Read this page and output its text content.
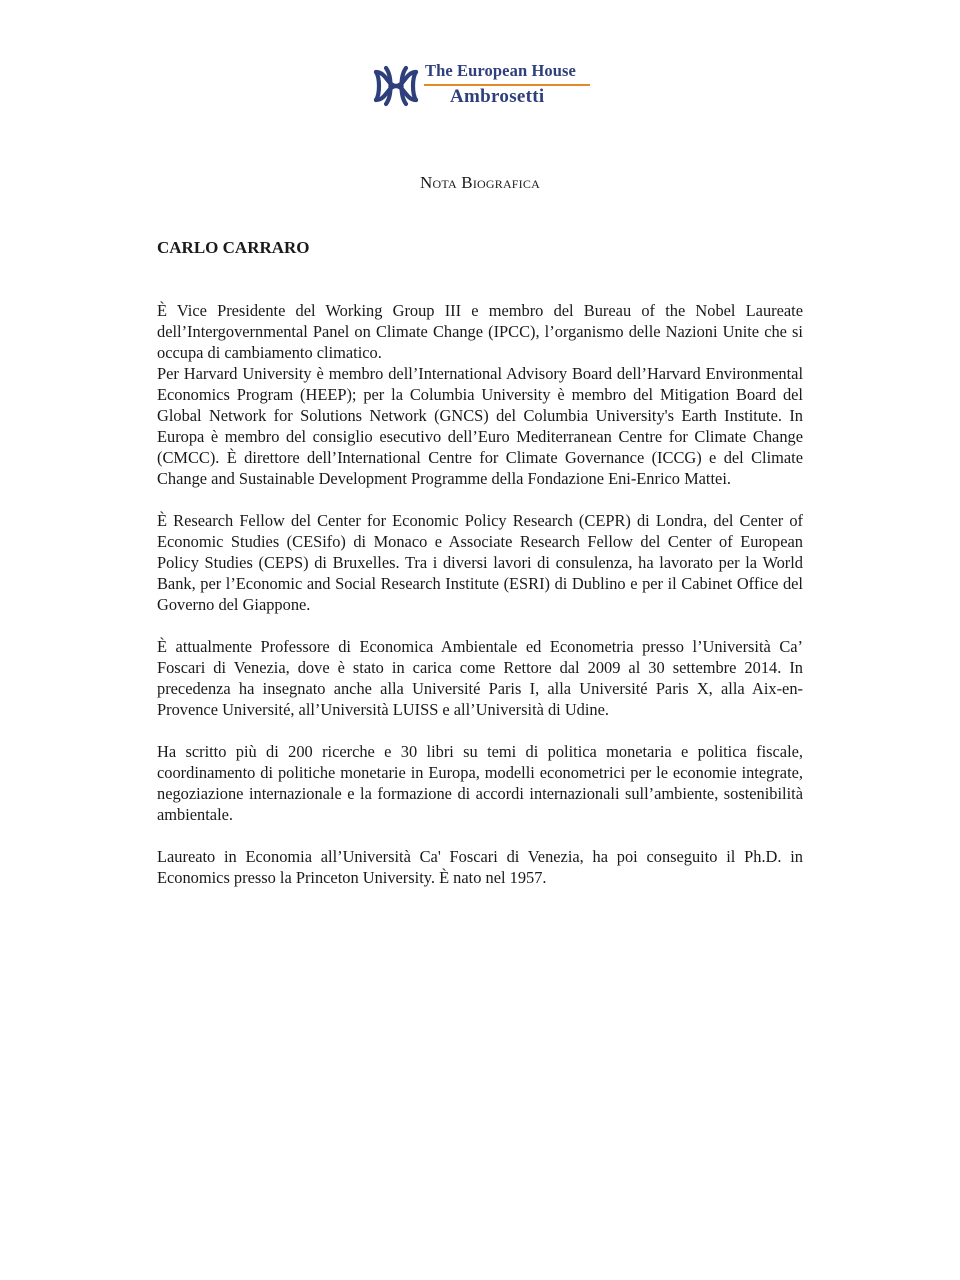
The European House
Ambrosetti
Nota Biografica
CARLO CARRARO

È Vice Presidente del Working Group III e membro del Bureau of the Nobel Laureate dell’Intergovernmental Panel on Climate Change (IPCC), l’organismo delle Nazioni Unite che si occupa di cambiamento climatico.

Per Harvard University è membro dell’International Advisory Board dell’Harvard Environmental Economics Program (HEEP); per la Columbia University è membro del Mitigation Board del Global Network for Solutions Network (GNCS) del Columbia University's Earth Institute. In Europa è membro del consiglio esecutivo dell’Euro Mediterranean Centre for Climate Change (CMCC). È direttore dell’International Centre for Climate Governance (ICCG) e del Climate Change and Sustainable Development Programme della Fondazione Eni-Enrico Mattei.

È Research Fellow del Center for Economic Policy Research (CEPR) di Londra, del Center of Economic Studies (CESifo) di Monaco e Associate Research Fellow del Center of European Policy Studies (CEPS) di Bruxelles. Tra i diversi lavori di consulenza, ha lavorato per la World Bank, per l’Economic and Social Research Institute (ESRI) di Dublino e per il Cabinet Office del Governo del Giappone.

È attualmente Professore di Economica Ambientale ed Econometria presso l’Università Ca’ Foscari di Venezia, dove è stato in carica come Rettore dal 2009 al 30 settembre 2014. In precedenza ha insegnato anche alla Université Paris I, alla Université Paris X, alla Aix-en-Provence Université, all’Università LUISS e all’Università di Udine.

Ha scritto più di 200 ricerche e 30 libri su temi di politica monetaria e politica fiscale, coordinamento di politiche monetarie in Europa, modelli econometrici per le economie integrate, negoziazione internazionale e la formazione di accordi internazionali sull’ambiente, sostenibilità ambientale.

Laureato in Economia all’Università Ca' Foscari di Venezia, ha poi conseguito il Ph.D. in Economics presso la Princeton University. È nato nel 1957.
